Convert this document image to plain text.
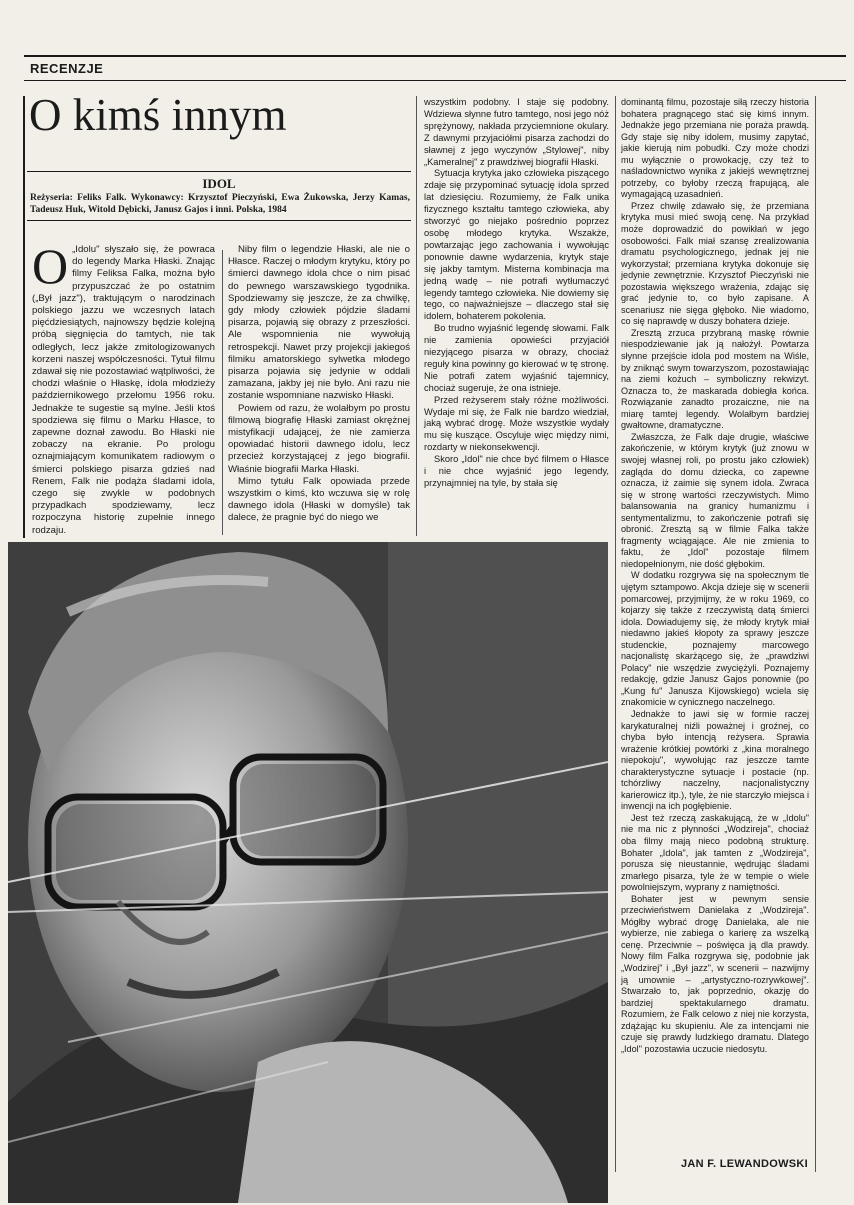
RECENZJE
O kimś innym
IDOL
Reżyseria: Feliks Falk. Wykonawcy: Krzysztof Pieczyński, Ewa Żukowska, Jerzy Kamas, Tadeusz Huk, Witold Dębicki, Janusz Gajos i inni. Polska, 1984
O „Idolu" słyszało się, że powraca do legendy Marka Hłaski. Znając filmy Feliksa Falka, można było przypuszczać że po ostatnim („Był jazz"), traktującym o narodzinach polskiego jazzu we wczesnych latach pięćdziesiątych, najnowszy będzie kolejną próbą sięgnięcia do tamtych, nie tak odległych, lecz jakże zmitologizowanych korzeni naszej współczesności. Tytuł filmu zdawał się nie pozostawiać wątpliwości, że chodzi właśnie o Hłaskę, idola młodzieży październikowego przełomu 1956 roku. Jednakże te sugestie są mylne. Jeśli ktoś spodziewa się filmu o Marku Hłasce, to zapewne doznał zawodu. Bo Hłaski nie zobaczy na ekranie. Po prologu oznajmiającym komunikatem radiowym o śmierci polskiego pisarza gdzieś nad Renem, Falk nie podąża śladami idola, czego się zwykle w podobnych przypadkach spodziewamy, lecz rozpoczyna historię zupełnie innego rodzaju.

Niby film o legendzie Hłaski, ale nie o Hłasce. Raczej o młodym krytyku, który po śmierci dawnego idola chce o nim pisać do pewnego warszawskiego tygodnika. Spodziewamy się jeszcze, że za chwilkę, gdy młody człowiek pójdzie śladami pisarza, pojawią się obrazy z przeszłości. Ale wspomnienia nie wywołują retrospekcji. Nawet przy projekcji jakiegoś filmiku amatorskiego sylwetka młodego pisarza pojawia się jedynie w oddali zamazana, jakby jej nie było. Ani razu nie zostanie wspomniane nazwisko Hłaski.

Powiem od razu, że wolałbym po prostu filmową biografię Hłaski zamiast okrężnej mistyfikacji udającej, że nie zamierza opowiadać historii dawnego idolu, lecz przecież korzystającej z jego biografii. Właśnie biografii Marka Hłaski.

Mimo tytułu Falk opowiada przede wszystkim o kimś, kto wczuwa się w rolę dawnego idola (Hłaski w domyśle) tak dalece, że pragnie być do niego we

wszystkim podobny. I staje się podobny. Wdziewa słynne futro tamtego, nosi jego nóż sprężynowy, nakłada przyciemnione okulary. Z dawnymi przyjaciółmi pisarza zachodzi do sławnej z jego wyczynów „Stylowej", niby „Kameralnej" z prawdziwej biografii Hłaski.

Sytuacja krytyka jako człowieka piszącego zdaje się przypominać sytuację idola sprzed lat dziesięciu. Rozumiemy, że Falk unika fizycznego kształtu tamtego człowieka, aby stworzyć go niejako pośrednio poprzez osobę młodego krytyka. Wszakże, powtarzając jego zachowania i wywołując ponownie dawne wydarzenia, krytyk staje się jakby tamtym. Misterna kombinacja ma jedną wadę – nie potrafi wytłumaczyć legendy tamtego człowieka. Nie dowiemy się tego, co najważniejsze – dlaczego stał się idolem, bohaterem pokolenia.

Bo trudno wyjaśnić legendę słowami. Falk nie zamienia opowieści przyjaciół niezyjącego pisarza w obrazy, chociaż reguły kina powinny go kierować w tę stronę. Nie potrafi zatem wyjaśnić tajemnicy, chociaż sugeruje, że ona istnieje.

Przed reżyserem stały różne możliwości. Wydaje mi się, że Falk nie bardzo wiedział, jaką wybrać drogę. Może wszystkie wydały mu się kuszące. Oscyluje więc między nimi, rozdarty w niekonsekwencji.

Skoro „Idol" nie chce być filmem o Hłasce i nie chce wyjaśnić jego legendy, przynajmniej na tyle, by stała się

dominantą filmu, pozostaje siłą rzeczy historia bohatera pragnącego stać się kimś innym. Jednakże jego przemiana nie poraża prawdą. Gdy staje się niby idolem, musimy zapytać, jakie kierują nim pobudki. Czy może chodzi mu wyłącznie o prowokację, czy też to naśladownictwo wynika z jakiejś wewnętrznej potrzeby, co byłoby rzeczą frapującą, ale wymagającą uzasadnień.

Przez chwilę zdawało się, że przemiana krytyka musi mieć swoją cenę. Na przykład może doprowadzić do powikłań w jego osobowości. Falk miał szansę zrealizowania dramatu psychologicznego, jednak jej nie wykorzystał; przemiana krytyka dokonuje się jedynie zewnętrznie. Krzysztof Pieczyński nie pozostawia większego wrażenia, zdając się grać jedynie to, co było zapisane. A scenariusz nie sięga głęboko. Nie wiadomo, co się naprawdę w duszy bohatera dzieje.

Zresztą zrzuca przybraną maskę równie niespodziewanie jak ją nałożył. Powtarza słynne przejście idola pod mostem na Wiśle, by zniknąć swym towarzyszom, pozostawiając na ziemi kożuch – symboliczny rekwizyt. Oznacza to, że maskarada dobiegła końca. Rozwiązanie zanadto prozaiczne, nie na miarę tamtej legendy. Wolałbym bardziej gwałtowne, dramatyczne.

Zwłaszcza, że Falk daje drugie, właściwe zakończenie, w którym krytyk (już znowu w swojej własnej roli, po prostu jako człowiek) zagląda do domu dziecka, co zapewne oznacza, iż zaimie się synem idola. Zwraca się w stronę wartości rzeczywistych. Mimo balansowania na granicy humanizmu i sentymentalizmu, to zakończenie potrafi się obronić. Zresztą są w filmie Falka także fragmenty wciągające. Ale nie zmienia to faktu, że „Idol" pozostaje filmem niedopełnionym, nie dość głębokim.

W dodatku rozgrywa się na społecznym tle ujętym sztampowo. Akcja dzieje się w scenerii pomarcowej, przyjmijmy, że w roku 1969, co kojarzy się także z rzeczywistą datą śmierci idola. Dowiadujemy się, że młody krytyk miał niedawno jakieś kłopoty za sprawy jeszcze studenckie, poznajemy marcowego nacjonalistę skarżącego się, że „prawdziwi Polacy" nie wszędzie zwyciężyli. Poznajemy redakcję, gdzie Janusz Gajos ponownie (po „Kung fu" Janusza Kijowskiego) wciela się znakomicie w cynicznego naczelnego.

Jednakże to jawi się w formie raczej karykaturalnej niźli poważnej i groźnej, co chyba było intencją reżysera. Sprawia wrażenie krótkiej powtórki z „kina moralnego niepokoju", wywołując raz jeszcze tamte charakterystyczne sytuacje i postacie (np. tchórzliwy naczelny, nacjonalistyczny karierowicz itp.), tyle, że nie starczyło miejsca i inwencji na ich pogłębienie.

Jest też rzeczą zaskakującą, że w „Idolu" nie ma nic z płynności „Wodzireja", chociaż oba filmy mają nieco podobną strukturę. Bohater „Idola", jak tamten z „Wodzireja", porusza się nieustannie, wędrując śladami zmarłego pisarza, tyle że w tempie o wiele powolniejszym, wyprany z namiętności.

Bohater jest w pewnym sensie przeciwieństwem Danielaka z „Wodzireja". Mógłby wybrać drogę Danielaka, ale nie wybierze, nie zabiega o karierę za wszelką cenę. Przeciwnie – poświęca ją dla prawdy. Nowy film Falka rozgrywa się, podobnie jak „Wodzirej" i „Był jazz", w scenerii – nazwijmy ją umownie – „artystyczno-rozrywkowej". Stwarzało to, jak poprzednio, okazję do bardziej spektakularnego dramatu. Rozumiem, że Falk celowo z niej nie korzysta, zdążając ku skupieniu. Ale za intencjami nie czuje się prawdy ludzkiego dramatu. Dlatego „Idol" pozostawia uczucie niedosytu.

JAN F. LEWANDOWSKI
